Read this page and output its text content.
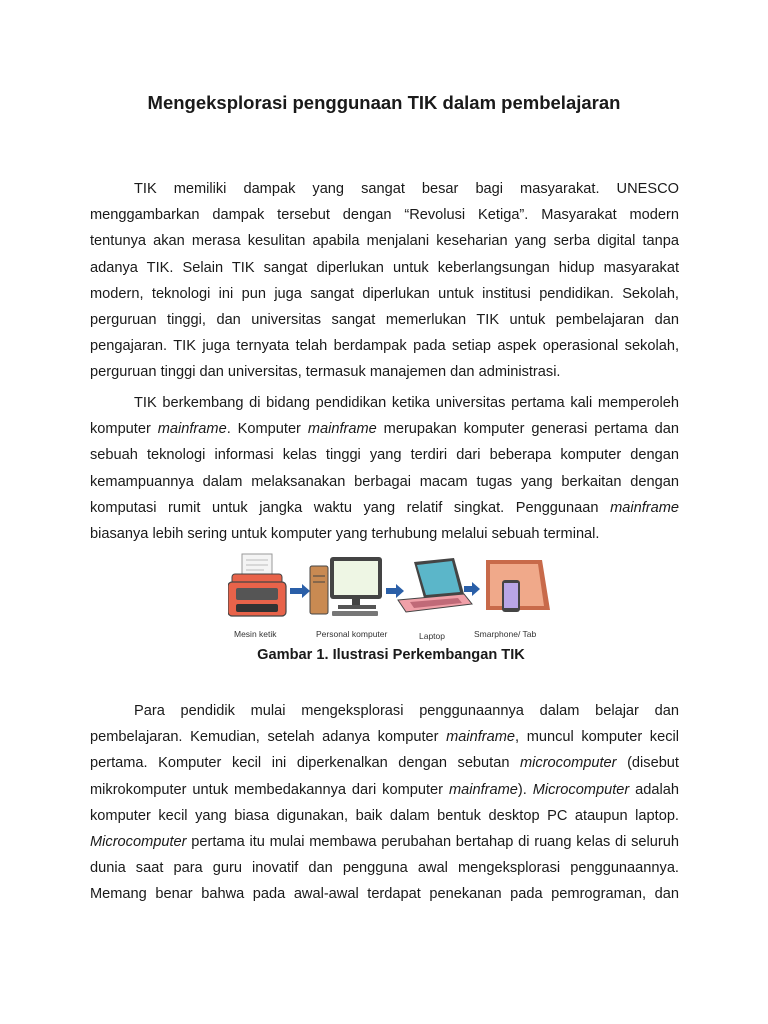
Mengeksplorasi penggunaan TIK dalam pembelajaran

TIK memiliki dampak yang sangat besar bagi masyarakat. UNESCO
menggambarkan dampak tersebut dengan “Revolusi Ketiga”. Masyarakat modern
tentunya akan merasa kesulitan apabila menjalani keseharian yang serba digital tanpa
adanya TIK. Selain TIK sangat diperlukan untuk keberlangsungan hidup masyarakat
modern, teknologi ini pun juga sangat diperlukan untuk institusi pendidikan. Sekolah,
perguruan tinggi, dan universitas sangat memerlukan TIK untuk pembelajaran dan
pengajaran. TIK juga ternyata telah berdampak pada setiap aspek operasional sekolah,
perguruan tinggi dan universitas, termasuk manajemen dan administrasi.

TIK berkembang di bidang pendidikan ketika universitas pertama kali memperoleh
komputer mainframe. Komputer mainframe merupakan komputer generasi pertama dan
sebuah teknologi informasi kelas tinggi yang terdiri dari beberapa komputer dengan
kemampuannya dalam melaksanakan berbagai macam tugas yang berkaitan dengan
komputasi rumit untuk jangka waktu yang relatif singkat. Penggunaan mainframe
biasanya lebih sering untuk komputer yang terhubung melalui sebuah terminal.

Mesin ketik	Personal komputer	Laptop	Smarphone/ Tab

Gambar 1. Ilustrasi Perkembangan TIK

Para pendidik mulai mengeksplorasi penggunaannya dalam belajar dan
pembelajaran. Kemudian, setelah adanya komputer mainframe, muncul komputer kecil
pertama. Komputer kecil ini diperkenalkan dengan sebutan microcomputer (disebut
mikrokomputer untuk membedakannya dari komputer mainframe). Microcomputer adalah
komputer kecil yang biasa digunakan, baik dalam bentuk desktop PC ataupun laptop.
Microcomputer pertama itu mulai membawa perubahan bertahap di ruang kelas di seluruh
dunia saat para guru inovatif dan pengguna awal mengeksplorasi penggunaannya.
Memang benar bahwa pada awal-awal terdapat penekanan pada pemrograman, dan
